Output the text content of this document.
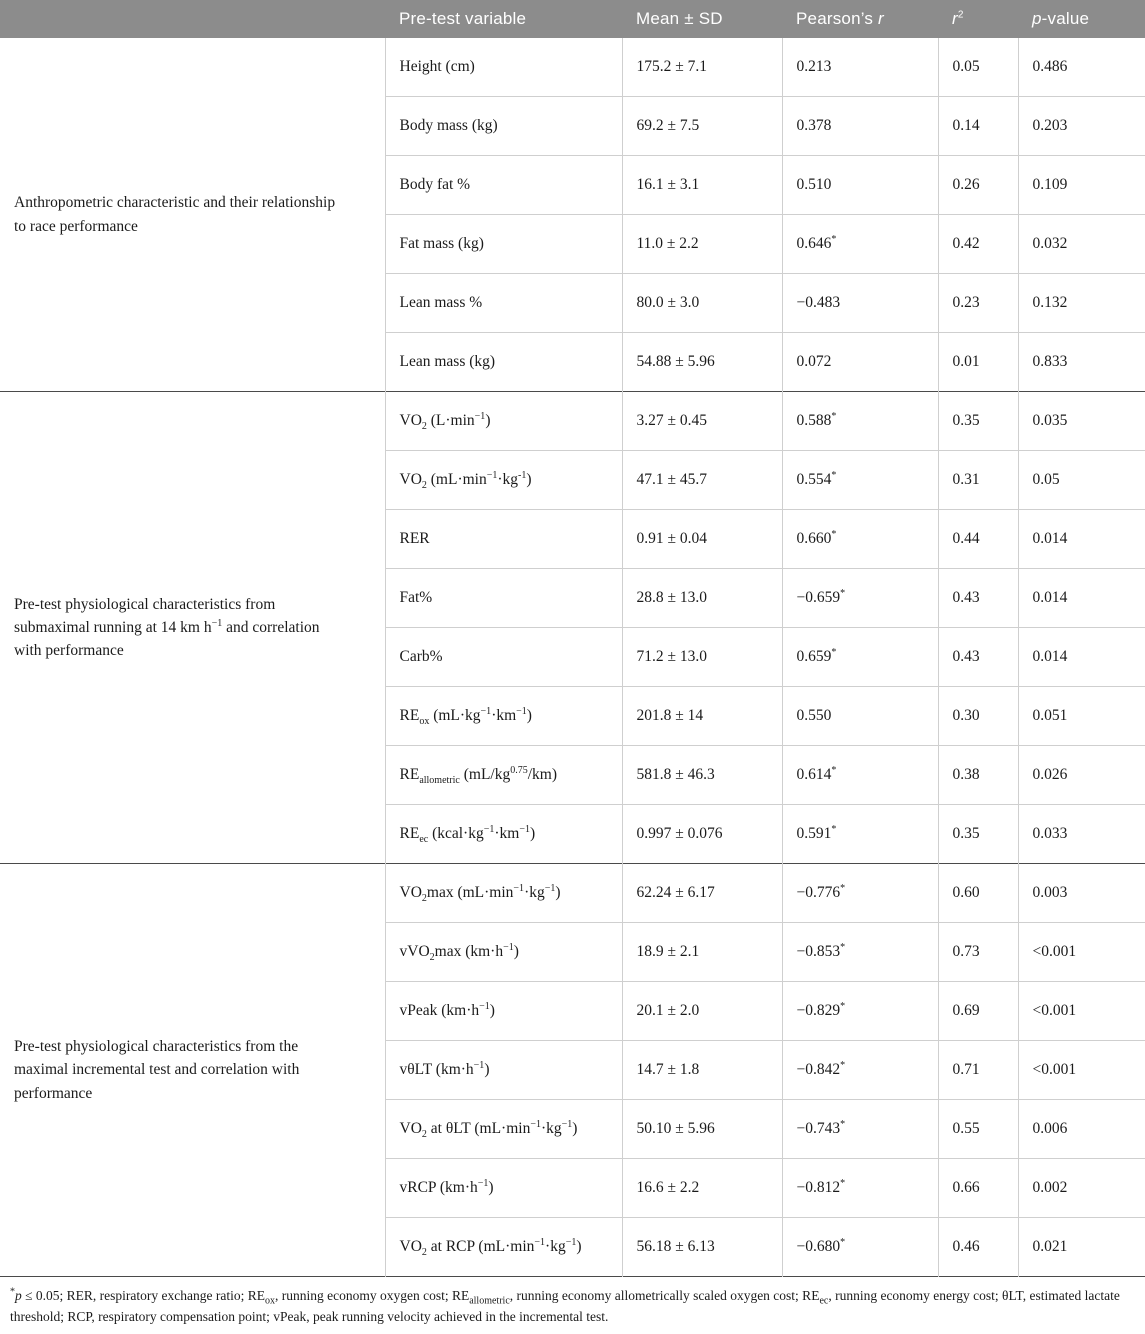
	Pre-test variable	Mean ± SD	Pearson’s r	$r^2$	p-value
Anthropometric characteristic and their relationship to race performance	Height (cm)	175.2 ± 7.1	0.213	0.05	0.486
	Body mass (kg)	69.2 ± 7.5	0.378	0.14	0.203
	Body fat %	16.1 ± 3.1	0.510	0.26	0.109
	Fat mass (kg)	11.0 ± 2.2	0.646*	0.42	0.032
	Lean mass %	80.0 ± 3.0	−0.483	0.23	0.132
	Lean mass (kg)	54.88 ± 5.96	0.072	0.01	0.833
Pre-test physiological characteristics from submaximal running at 14 km $h^{-1}$ and correlation with performance	$VO_2$ $(L\cdot\min^{-1})$	3.27 ± 0.45	0.588*	0.35	0.035
	$VO_2$ $(mL\cdot\min^{-1}\cdot kg^{-1})$	47.1 ± 45.7	0.554*	0.31	0.05
	RER	0.91 ± 0.04	0.660*	0.44	0.014
	Fat%	28.8 ± 13.0	−0.659*	0.43	0.014
	Carb%	71.2 ± 13.0	0.659*	0.43	0.014
	$RE_{ox}$ $(mL\cdot kg^{-1}\cdot km^{-1})$	201.8 ± 14	0.550	0.30	0.051
	$RE_{allometric}$ $(mL/kg^{0.75}/km)$	581.8 ± 46.3	0.614*	0.38	0.026
	$RE_{ec}$ $(kcal\cdot kg^{-1}\cdot km^{-1})$	0.997 ± 0.076	0.591*	0.35	0.033
Pre-test physiological characteristics from the maximal incremental test and correlation with performance	$VO_2\max$ $(mL\cdot\min^{-1}\cdot kg^{-1})$	62.24 ± 6.17	−0.776*	0.60	0.003
	vVO$_2$max $(km\cdot h^{-1})$	18.9 ± 2.1	−0.853*	0.73	<0.001
	vPeak $(km\cdot h^{-1})$	20.1 ± 2.0	−0.829*	0.69	<0.001
	vθLT $(km\cdot h^{-1})$	14.7 ± 1.8	−0.842*	0.71	<0.001
	$VO_2$ at θLT $(mL\cdot\min^{-1}\cdot kg^{-1})$	50.10 ± 5.96	−0.743*	0.55	0.006
	vRCP $(km\cdot h^{-1})$	16.6 ± 2.2	−0.812*	0.66	0.002
	$VO_2$ at RCP $(mL\cdot\min^{-1}\cdot kg^{-1})$	56.18 ± 6.13	−0.680*	0.46	0.021
*p ≤ 0.05; RER, respiratory exchange ratio; $RE_{ox}$, running economy oxygen cost; $RE_{allometric}$, running economy allometrically scaled oxygen cost; $RE_{ec}$, running economy energy cost; θLT, estimated lactate threshold; RCP, respiratory compensation point; vPeak, peak running velocity achieved in the incremental test.
